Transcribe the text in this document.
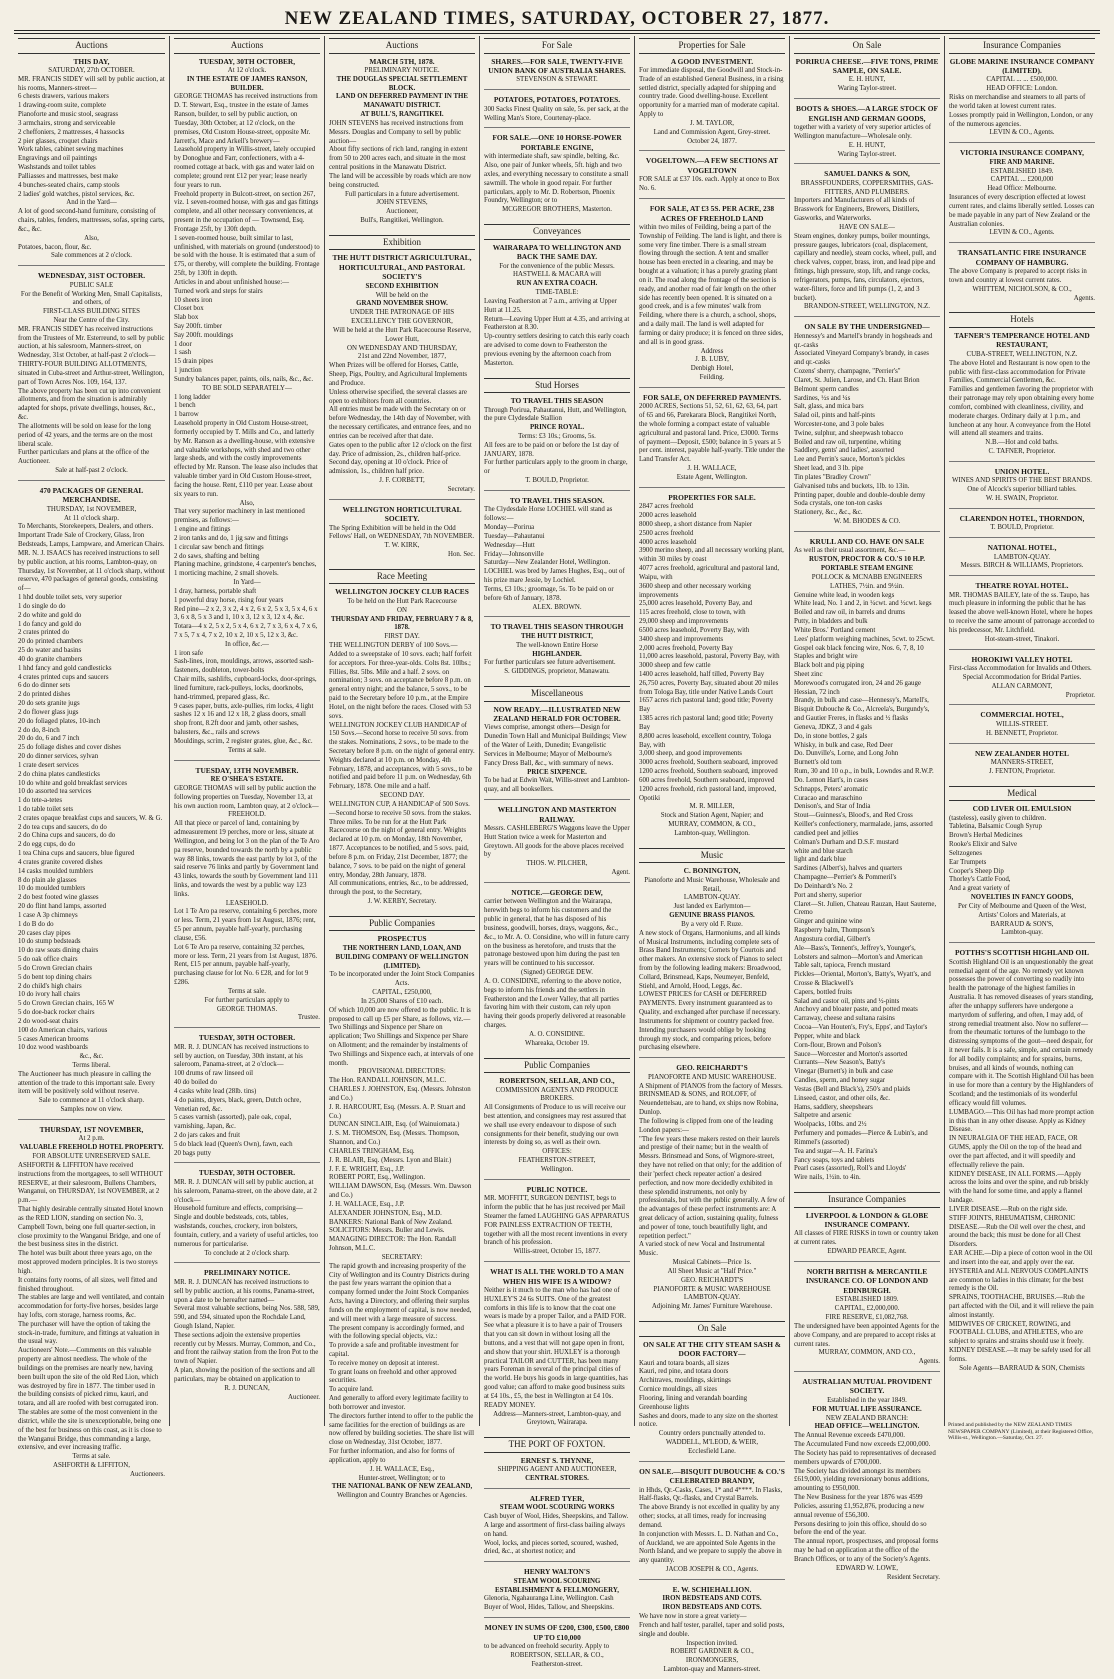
NEW ZEALAND TIMES, SATURDAY, OCTOBER 27, 1877.
Auctions
THIS DAY,
SATURDAY, 27th OCTOBER.
MR. FRANCIS SIDEY will sell by public auction, at his rooms, Manners-street—
6 chests drawers, various makers
1 drawing-room suite, complete
Pianoforte and music stool, seagrass
3 armchairs, strong and serviceable
2 cheffoniers, 2 mattresses, 4 hassocks
2 pier glasses, croquet chairs
Work tables, cabinet sewing machines
Engravings and oil paintings
Washstands and toilet tables
Palliasses and mattresses, best make
4 bunches-seated chairs, camp stools
2 ladies' gold watches, pistol services, &c.
And in the Yard—
A lot of good second-hand furniture, consisting of chairs, tables, fenders, mattresses, sofas, spring carts, &c., &c.
Also,
Potatoes, bacon, flour, &c.
Sale commences at 2 o'clock.
WEDNESDAY, 31ST OCTOBER.
PUBLIC SALE
For the Benefit of Working Men, Small Capitalists, and others, of
FIRST-CLASS BUILDING SITES
Near the Centre of the City.
MR. FRANCIS SIDEY has received instructions from the Trustees of Mr. Esterreund, to sell by public auction, at his salesroom, Manners-street, on Wednesday, 31st October, at half-past 2 o'clock—
THIRTY-FOUR BUILDING ALLOTMENTS, situated in Cuba-street and Arthur-street, Wellington, part of Town Acres Nos. 109, 164, 137.
The above property has been cut up into convenient allotments, and from the situation is admirably adapted for shops, private dwellings, houses, &c., &c.
The allotments will be sold on lease for the long period of 42 years, and the terms are on the most liberal scale.
Further particulars and plans at the office of the Auctioneer.
Sale at half-past 2 o'clock.
470 PACKAGES OF GENERAL MERCHANDISE.
THURSDAY, 1st NOVEMBER,
At 11 o'clock sharp.
To Merchants, Storekeepers, Dealers, and others.
Important Trade Sale of Crockery, Glass, Iron Bedsteads, Lamps, Lampware, and American Chairs.
MR. N. J. ISAACS has received instructions to sell by public auction, at his rooms, Lambton-quay, on Thursday, 1st November, at 11 o'clock sharp, without reserve, 470 packages of general goods, consisting of—
1 hhd double toilet sets, very superior
1 do single do do
2 do white and gold do
1 do fancy and gold do
2 crates printed do
20 do printed chambers
25 do water and basins
40 do granite chambers
1 hhd fancy and gold candlesticks
4 crates printed cups and saucers
6 do do dinner sets
2 do printed dishes
20 do sets granite jugs
2 do flower glass jugs
20 do foliaged plates, 10-inch
2 do do, 8-inch
20 do do, 6 and 7 inch
25 do foliage dishes and cover dishes
20 do dinner services, sylvan
1 crate desert services
2 do china plates candlesticks
10 do white and gold breakfast services
10 do assorted tea services
1 do tete-a-tetes
1 do table toilet sets
2 crates opaque breakfast cups and saucers, W. & G.
2 do tea cups and saucers, do do
2 do China cups and saucers, do do
2 do egg cups, do do
1 tea China cups and saucers, blue figured
4 crates granite covered dishes
14 casks moulded tumblers
8 do plain ale glasses
10 do moulded tumblers
2 do best footed wine glasses
20 do flint hand lamps, assorted
1 case A 3p chimneys
1 do B do do
20 cases clay pipes
10 do stump bedsteads
10 do raw seats dining chairs
5 do oak office chairs
5 do Crown Grecian chairs
5 do bent top dining chairs
2 do child's high chairs
10 do ivory hall chairs
5 do Crown Grecian chairs, 165 W
5 do doe-back rocker chairs
2 do wood-seat chairs
100 do American chairs, various
5 cases American brooms
10 doz wood washboards
&c., &c.
Terms liberal.
The Auctioneer has much pleasure in calling the attention of the trade to this important sale. Every item will be positively sold without reserve.
Sale to commence at 11 o'clock sharp.
Samples now on view.
THURSDAY, 1ST NOVEMBER,
At 2 p.m.
VALUABLE FREEHOLD HOTEL PROPERTY.
FOR ABSOLUTE UNRESERVED SALE.
ASHFORTH & LIFFITON have received instructions from the mortgagees, to sell WITHOUT RESERVE, at their salesroom, Bullens Chambers, Wanganui, on THURSDAY, 1st NOVEMBER, at 2 p.m.—
That highly desirable centrally situated Hotel known as the RED LION, standing on section No. 3, Campbell Town, being one full quarter-section, in close proximity to the Wanganui Bridge, and one of the best business sites in the district.
The hotel was built about three years ago, on the most approved modern principles. It is two storeys high.
It contains forty rooms, of all sizes, well fitted and finished throughout.
The stables are large and well ventilated, and contain accommodation for forty-five horses, besides large hay lofts, corn storage, harness rooms, &c.
The purchaser will have the option of taking the stock-in-trade, furniture, and fittings at valuation in the usual way.
Auctioneers' Note.—Comments on this valuable property are almost needless. The whole of the buildings on the premises are nearly new, having been built upon the site of the old Red Lion, which was destroyed by fire in 1877. The timber used in the building consists of picked rimu, kauri, and totara, and all are roofed with best corrugated iron. The stables are some of the most convenient in the district, while the site is unexceptionable, being one of the best for business on this coast, as it is close to the Wanganui Bridge, thus commanding a large, extensive, and ever increasing traffic.
Terms at sale.
ASHFORTH & LIFFITON,
Auctioneers.
Auctions
TUESDAY, 30TH OCTOBER,
At 12 o'clock.
IN THE ESTATE OF JAMES RANSON, BUILDER.
GEORGE THOMAS has received instructions from D. T. Stewart, Esq., trustee in the estate of James Ranson, builder, to sell by public auction, on Tuesday, 30th October, at 12 o'clock, on the premises, Old Custom House-street, opposite Mr. Jarrett's, Mace and Arkell's brewery—
Leasehold property in Willis-street, lately occupied by Donoghue and Farr, confectioners, with a 4-roomed cottage at back, with gas and water laid on complete; ground rent £12 per year; lease nearly four years to run.
Freehold property in Bulcott-street, on section 267, viz. 1 seven-roomed house, with gas and gas fittings complete, and all other necessary conveniences, at present in the occupation of — Townsend, Esq. Frontage 25ft, by 130ft depth.
1 seven-roomed house, built similar to last, unfinished, with materials on ground (understood) to be sold with the house. It is estimated that a sum of £75, or thereby, will complete the building. Frontage 25ft, by 130ft in depth.
Articles in and about unfinished house:—
Turned work and steps for stairs
10 sheets iron
Closet box
Slab box
Say 200ft. timber
Say 200ft. mouldings
1 door
1 sash
15 drain pipes
1 junction
Sundry balances paper, paints, oils, nails, &c., &c.
TO BE SOLD SEPARATELY—
1 long ladder
1 bench
1 barrow
Leasehold property in Old Custom House-street, formerly occupied by T. Mills and Co., and latterly by Mr. Ranson as a dwelling-house, with extensive and valuable workshops, with shed and two other large sheds, and with the costly improvements effected by Mr. Ranson. The lease also includes that valuable timber yard in Old Custom House-street, facing the house. Rent, £110 per year. Lease about six years to run.
Also,
That very superior machinery in last mentioned premises, as follows:—
1 engine and fittings
2 iron tanks and do, 1 jig saw and fittings
1 circular saw bench and fittings
2 do saws, shafting and belting
Planing machine, grindstone, 4 carpenter's benches, 1 morticing machine, 2 small shovels.
In Yard—
1 dray, harness, portable shaft
1 powerful dray horse, rising four years
Red pine—2 x 2, 3 x 2, 4 x 2, 6 x 2, 5 x 3, 5 x 4, 6 x 3, 6 x 8, 5 x 3 and 1, 10 x 3, 12 x 3, 12 x 4, &c.
Totara—4 x 2, 5 x 2, 5 x 4, 6 x 2, 7 x 3, 6 x 4, 7 x 6, 7 x 5, 7 x 4, 7 x 2, 10 x 2, 10 x 5, 12 x 3, &c.
In office, &c.—
1 iron safe
Sash-lines, iron, mouldings, arrows, assorted sash-fasteners, doubleton, tower-bolts
Chair mills, sashlifts, cupboard-locks, door-springs, lined furniture, rack-pulleys, locks, doorknobs, hand-trimmed, prepared glass, &c.
9 cases paper, butts, axle-pullies, rim locks, 4 light sashes 12 x 16 and 12 x 18, 2 glass doors, small shop front, 8.2ft door and jamb, other sashes, balusters, &c., rails and screws
Mouldings, scrim, 2 register grates, glue, &c., &c.
Terms at sale.
TUESDAY, 13TH NOVEMBER.
RE O'SHEA'S ESTATE.
GEORGE THOMAS will sell by public auction the following properties on Tuesday, November 13, at his own auction room, Lambton quay, at 2 o'clock—
FREEHOLD.
All that piece or parcel of land, containing by admeasurement 19 perches, more or less, situate at Wellington, and being lot 3 on the plan of the Te Aro pa reserve, bounded towards the north by a public way 88 links, towards the east partly by lot 3, of the said reserve 76 links and partly by Government land 43 links, towards the south by Government land 111 links, and towards the west by a public way 123 links.
LEASEHOLD.
Lot 1 Te Aro pa reserve, containing 6 perches, more or less. Term, 21 years from 1st August, 1876; rent, £5 per annum, payable half-yearly, purchasing clause, £56.
Lot 6 Te Aro pa reserve, containing 32 perches, more or less. Term, 21 years from 1st August, 1876. Rent, £15 per annum, payable half-yearly, purchasing clause for lot No. 6 £28, and for lot 9 £286.
Terms at sale.
For further particulars apply to
GEORGE THOMAS.
Trustee.
TUESDAY, 30TH OCTOBER.
MR. R. J. DUNCAN has received instructions to sell by auction, on Tuesday, 30th instant, at his saleroom, Panama-street, at 2 o'clock—
100 drums of raw linseed oil
40 do boiled do
4 casks white lead (28lb. tins)
4 do paints, dryers, black, green, Dutch ochre, Venetian red, &c.
5 cases varnish (assorted), pale oak, copal, varnishing, Japan, &c.
2 do jars cakes and fruit
5 do black lead (Queen's Own), fawn, each
20 bags putty
TUESDAY, 30TH OCTOBER.
MR. R. J. DUNCAN will sell by public auction, at his saleroom, Panama-street, on the above date, at 2 o'clock—
Household furniture and effects, comprising—Single and double bedsteads, cots, tables, washstands, couches, crockery, iron bolsters, fountain, cutlery, and a variety of useful articles, too numerous for particularise.
To conclude at 2 o'clock sharp.
PRELIMINARY NOTICE.
MR. R. J. DUNCAN has received instructions to sell by public auction, at his rooms, Panama-street, upon a date to be hereafter named—
Several most valuable sections, being Nos. 588, 589, 590, and 594, situated upon the Rochdale Land, Gough Island, Napier.
These sections adjoin the extensive properties recently cut by Messrs. Murray, Common, and Co., and front the railway station from the Iron Pot to the town of Napier.
A plan, showing the position of the sections and all particulars, may be obtained on application to
R. J. DUNCAN,
Auctioneer.
Auctions
MARCH 5TH, 1878.
PRELIMINARY NOTICE.
THE DOUGLAS SPECIAL SETTLEMENT BLOCK.
LAND ON DEFERRED PAYMENT IN THE MANAWATU DISTRICT.
AT BULL'S, RANGITIKEI.
JOHN STEVENS has received instructions from Messrs. Douglas and Company to sell by public auction—
About fifty sections of rich land, ranging in extent from 50 to 200 acres each, and situate in the most central positions in the Manawatu District.
The land will be accessible by roads which are now being constructed.
Full particulars in a future advertisement.
JOHN STEVENS,
Auctioneer,
Bull's, Rangitikei, Wellington.
Exhibition
THE HUTT DISTRICT AGRICULTURAL, HORTICULTURAL, AND PASTORAL SOCIETY'S
SECOND EXHIBITION
Will be held on the
GRAND NOVEMBER SHOW.
UNDER THE PATRONAGE OF HIS EXCELLENCY THE GOVERNOR,
Will be held at the Hutt Park Racecourse Reserve, Lower Hutt,
ON WEDNESDAY AND THURSDAY,
21st and 22nd November, 1877,
When Prizes will be offered for Horses, Cattle, Sheep, Pigs, Poultry, and Agricultural Implements and Produce.
Unless otherwise specified, the several classes are open to exhibitors from all countries.
All entries must be made with the Secretary on or before Wednesday, the 14th day of November, with the necessary certificates, and entrance fees, and no entries can be received after that date.
Gates open to the public after 12 o'clock on the first day. Price of admission, 2s., children half-price. Second day, opening at 10 o'clock. Price of admission, 1s., children half price.
J. F. CORBETT,
Secretary.
WELLINGTON HORTICULTURAL SOCIETY.
The Spring Exhibition will be held in the Odd Fellows' Hall, on WEDNESDAY, 7th NOVEMBER.
T. W. KIRK,
Hon. Sec.
Race Meeting
WELLINGTON JOCKEY CLUB RACES
To be held on the Hutt Park Racecourse
ON
THURSDAY AND FRIDAY, FEBRUARY 7 & 8, 1878.
FIRST DAY.
THE WELLINGTON DERBY of 100 Sovs.—Added to a sweepstake of 10 sovs. each; half forfeit for acceptors. For three-year-olds. Colts 8st. 10lbs.; Fillies, 8st. 5lbs. Mile and a half. 2 sovs. on nomination; 3 sovs. on acceptance before 8 p.m. on general entry night; and the balance, 5 sovs., to be paid to the Secretary before 10 p.m., at the Empire Hotel, on the night before the races. Closed with 53 sovs.
WELLINGTON JOCKEY CLUB HANDICAP of 150 Sovs.—Second horse to receive 50 sovs. from the stakes. Nominations, 2 sovs., to be made to the Secretary before 8 p.m. on the night of general entry. Weights declared at 10 p.m. on Monday, 4th February, 1878, and acceptances, with 5 sovs., to be notified and paid before 11 p.m. on Wednesday, 6th February, 1878. One mile and a half.
SECOND DAY.
WELLINGTON CUP, A HANDICAP of 500 Sovs.—Second horse to receive 50 sovs. from the stakes. Three miles. To be run for at the Hutt Park Racecourse on the night of general entry. Weights declared at 10 p.m. on Monday, 18th November, 1877. Acceptances to be notified, and 5 sovs. paid, before 8 p.m. on Friday, 21st December, 1877; the balance, 7 sovs. to be paid on the night of general entry, Monday, 28th January, 1878.
All communications, entries, &c., to be addressed, through the post, to the Secretary,
J. W. KERBY, Secretary.
Public Companies
PROSPECTUS
THE NORTHERN LAND, LOAN, AND BUILDING COMPANY OF WELLINGTON (LIMITED).
To be incorporated under the Joint Stock Companies Acts.
CAPITAL, £250,000,
In 25,000 Shares of £10 each.
Of which 10,000 are now offered to the public. It is proposed to call up £5 per Share, as follows, viz.—Two Shillings and Sixpence per Share on application; Two Shillings and Sixpence per Share on Allotment; and the remainder by instalments of Two Shillings and Sixpence each, at intervals of one month.
PROVISIONAL DIRECTORS:
The Hon. RANDALL JOHNSON, M.L.C.
CHARLES J. JOHNSTON, Esq. (Messrs. Johnston and Co.)
J. R. HARCOURT, Esq. (Messrs. A. P. Stuart and Co.)
DUNCAN SINCLAIR, Esq. (of Wainuiomata.)
J. S. M. THOMSON, Esq. (Messrs. Thompson, Shannon, and Co.)
CHARLES TRINGHAM, Esq.
J. R. BLAIR, Esq. (Messrs. Lyon and Blair.)
J. F. E. WRIGHT, Esq., J.P.
ROBERT PORT, Esq., Wellington.
WILLIAM DAWSON, Esq. (Messrs. Wm. Dawson and Co.)
J. H. WALLACE, Esq., J.P.
ALEXANDER JOHNSTON, Esq., M.D.
BANKERS: National Bank of New Zealand.
SOLICITORS: Messrs. Buller and Lewis.
MANAGING DIRECTOR: The Hon. Randall Johnson, M.L.C.
SECRETARY:
The rapid growth and increasing prosperity of the City of Wellington and its Country Districts during the past few years warrant the opinion that a company formed under the Joint Stock Companies Acts, having a Directory, and offering their surplus funds on the employment of capital, is now needed, and will meet with a large measure of success.
The present company is accordingly formed, and with the following special objects, viz.:
To provide a safe and profitable investment for capital.
To receive money on deposit at interest.
To grant loans on freehold and other approved securities.
To acquire land.
And generally to afford every legitimate facility to both borrower and investor.
The directors further intend to offer to the public the same facilities for the erection of buildings as are now offered by building societies. The share list will close on Wednesday, 31st October, 1877.
For further information, and also for forms of application, apply to
J. H. WALLACE, Esq.,
Hunter-street, Wellington; or to
THE NATIONAL BANK OF NEW ZEALAND,
Wellington and Country Branches or Agencies.
For Sale
SHARES.—FOR SALE, TWENTY-FIVE UNION BANK OF AUSTRALIA SHARES.
STEVENSON & STEWART.
POTATOES, POTATOES, POTATOES.
300 Sacks Finest Quality on sale, 5s. per sack, at the Welling Man's Store, Courtenay-place.
FOR SALE.—ONE 10 HORSE-POWER PORTABLE ENGINE,
with intermediate shaft, saw spindle, belting, &c. Also, one pair of Junker wheels, 5ft. high and two axles, and everything necessary to constitute a small sawmill. The whole in good repair. For further particulars, apply to Mr. D. Robertson, Phoenix Foundry, Wellington; or to
MCGREGOR BROTHERS, Masterton.
Conveyances
WAIRARAPA TO WELLINGTON AND BACK THE SAME DAY.
For the convenience of the public Messrs. HASTWELL & MACARA will
RUN AN EXTRA COACH.
TIME-TABLE:
Leaving Featherston at 7 a.m., arriving at Upper Hutt at 11.25.
Return—Leaving Upper Hutt at 4.35, and arriving at Featherston at 8.30.
Up-country settlers desiring to catch this early coach are advised to come down to Featherston the previous evening by the afternoon coach from Masterton.
Stud Horses
TO TRAVEL THIS SEASON
Through Porirua, Pahautanui, Hutt, and Wellington, the pure Clydesdale Stallion
PRINCE ROYAL.
Terms: £3 10s.; Grooms, 5s.
All fees are to be paid on or before the 1st day of JANUARY, 1878.
For further particulars apply to the groom in charge, or
T. BOULD, Proprietor.
TO TRAVEL THIS SEASON.
The Clydesdale Horse LOCHIEL will stand as follows:—
Monday—Porirua
Tuesday—Pahautanui
Wednesday—Hutt
Friday—Johnsonville
Saturday—New Zealander Hotel, Wellington.
LOCHIEL was bred by James Hughes, Esq., out of his prize mare Jessie, by Lochiel.
Terms, £3 10s.; groomage, 5s. To be paid on or before 6th of January, 1878.
ALEX. BROWN.
TO TRAVEL THIS SEASON THROUGH
THE HUTT DISTRICT,
The well-known Entire Horse
HIGHLANDER.
For further particulars see future advertisement.
S. GIDDINGS, proprietor, Manawatu.
Miscellaneous
NOW READY.—ILLUSTRATED NEW ZEALAND HERALD FOR OCTOBER.
Views comprise, amongst others—Design for Dunedin Town Hall and Municipal Buildings; View of the Water of Leith, Dunedin; Evangelistic Services in Melbourne; Mayor of Melbourne's Fancy Dress Ball, &c., with summary of news.
PRICE SIXPENCE.
To be had at Edwin Wait, Willis-street and Lambton-quay, and all booksellers.
WELLINGTON AND MASTERTON RAILWAY.
Messrs. CASHLEBERG'S Waggons leave the Upper Hutt Station twice a week for Masterton and Greytown. All goods for the above places received by
THOS. W. PILCHER,
Agent.
NOTICE.—GEORGE DEW,
carrier between Wellington and the Wairarapa, herewith begs to inform his customers and the public in general, that he has disposed of his business, goodwill, horses, drays, waggons, &c., &c., to Mr. A. O. Considine, who will in future carry on the business as heretofore, and trusts that the patronage bestowed upon him during the past ten years will be continued to his successor.
(Signed) GEORGE DEW.
A. O. CONSIDINE, referring to the above notice, begs to inform his friends and the settlers in Featherston and the Lower Valley, that all parties favoring him with their custom, can rely upon having their goods properly delivered at reasonable charges.
A. O. CONSIDINE.
Whareaka, October 19.
Public Companies
ROBERTSON, SELLAR, AND CO.,
COMMISSION AGENTS AND PRODUCE BROKERS.
All Consignments of Produce to us will receive our best attention, and consignees may rest assured that we shall use every endeavour to dispose of such consignments for their benefit, studying our own interests by doing so, as well as their own.
OFFICES:
FEATHERSTON-STREET,
Wellington.
PUBLIC NOTICE.
MR. MOFFITT, SURGEON DENTIST, begs to inform the public that he has just received per Mail Steamer the famed LAUGHING GAS APPARATUS FOR PAINLESS EXTRACTION OF TEETH, together with all the most recent inventions in every branch of his profession.
Willis-street, October 15, 1877.
WHAT IS ALL THE WORLD TO A MAN WHEN HIS WIFE IS A WIDOW?
Neither is it much to the man who has had one of HUXLEY'S 24 6s SUITS. One of the greatest comforts in this life is to know that the coat one wears is made by a proper Tailor, and a PAID FOR. See what a pleasure it is to have a pair of Trousers that you can sit down in without losing all the buttons, and a vest that will not gape open in front, and show that your shirt. HUXLEY is a thorough practical TAILOR and CUTTER, has been many years Foreman in several of the principal cities of the world. He buys his goods in large quantities, has good value; can afford to make good business suits at £4 10s., £5, the best in Wellington at £4 10s. READY MONEY.
Address—Manners-street, Lambton-quay, and Greytown, Wairarapa.
THE PORT OF FOXTON.
ERNEST S. THYNNE,
SHIPPING AGENT AND AUCTIONEER,
CENTRAL STORES.
ALFRED TYER,
STEAM WOOL SCOURING WORKS
Cash buyer of Wool, Hides, Sheepskins, and Tallow. A large and assortment of first-class bailing always on hand.
Wool, locks, and pieces sorted, scoured, washed, dried, &c., at shortest notice; and
HENRY WALTON'S
STEAM WOOL SCOURING ESTABLISHMENT & FELLMONGERY,
Glenoria, Ngahauranga Line, Wellington. Cash Buyer of Wool, Hides, Tallow, and Sheepskins.
MONEY IN SUMS OF £200, £300, £500, £800 UP TO £10,000
to be advanced on freehold security. Apply to
ROBERTSON, SELLAR, & CO.,
Featherston-street.
Properties for Sale
A GOOD INVESTMENT.
For immediate disposal, the Goodwill and Stock-in-Trade of an established General Business, in a rising settled district, specially adapted for shipping and country trade. Good dwelling-house. Excellent opportunity for a married man of moderate capital. Apply to
J. M. TAYLOR,
Land and Commission Agent, Grey-street.
October 24, 1877.
VOGELTOWN.—A FEW SECTIONS AT VOGELTOWN
FOR SALE at £37 10s. each. Apply at once to Box No. 6.
FOR SALE, AT £3 5S. PER ACRE, 238 ACRES OF FREEHOLD LAND
within two miles of Feilding, being a part of the Township of Feilding. The land is light, and there is some very fine timber. There is a small stream flowing through the section. A tent and smaller house has been erected in a clearing, and may be bought at a valuation; it has a purely grazing plant on it. The road along the frontage of the section is ready, and another road of fair length on the other side has recently been opened. It is situated on a good creek, and is a few minutes' walk from Feilding, where there is a church, a school, shops, and a daily mail. The land is well adapted for farming or dairy produce; it is fenced on three sides, and all is in good grass.
Address
J. B. LUBY,
Denbigh Hotel,
Feilding.
FOR SALE, ON DEFERRED PAYMENTS.
2000 ACRES, Sections 51, 52, 61, 62, 63, 64, part of 65 and 66, Parekarara Block, Rangitikei North, the whole forming a compact estate of valuable agricultural and pastoral land. Price, £3000. Terms of payment—Deposit, £500; balance in 5 years at 5 per cent. interest, payable half-yearly. Title under the Land Transfer Act.
J. H. WALLACE,
Estate Agent, Wellington.
PROPERTIES FOR SALE.
2847 acres freehold
2000 acres leasehold
8000 sheep, a short distance from Napier
2500 acres freehold
4000 acres leasehold
3900 merino sheep, and all necessary working plant, within 30 miles by coast
4077 acres freehold, agricultural and pastoral land, Waipu, with
3600 sheep and other necessary working improvements
25,000 acres leasehold, Poverty Bay, and
115 acres freehold, close to town, with
29,000 sheep and improvements
6500 acres leasehold, Poverty Bay, with
3400 sheep and improvements
2,000 acres freehold, Poverty Bay
11,000 acres leasehold, pastoral, Poverty Bay, with 3000 sheep and few cattle
1400 acres leasehold, half tilled, Poverty Bay
26,750 acres, Poverty Bay, situated about 20 miles from Tologa Bay, title under Native Lands Court
1657 acres rich pastoral land; good title; Poverty Bay
1385 acres rich pastoral land; good title; Poverty Bay
8,800 acres leasehold, excellent country, Tologa Bay, with
3,000 sheep, and good improvements
3000 acres freehold, Southern seaboard, improved
1200 acres freehold, Southern seaboard, improved
600 acres freehold, Southern seaboard, improved
1200 acres freehold, rich pastoral land, improved, Opotiki
M. R. MILLER,
Stock and Station Agent, Napier; and
MURRAY, COMMON, & CO.,
Lambton-quay, Wellington.
Music
C. BONINGTON,
Pianoforte and Music Warehouse, Wholesale and Retail,
LAMBTON-QUAY.
Just landed ex Earlymton—
GENUINE BRASS PIANOS.
By a very old F. Ruze.
A new stock of Organs, Harmoniums, and all kinds of Musical Instruments, including complete sets of Brass Band Instruments; Cornets by Courtois and other makers. An extensive stock of Pianos to select from by the following leading makers: Broadwood, Collard, Brinsmead, Kaps, Neumeyer, Benfeld, Stiehl, and Arnold, Hood, Leggs, &c.
LOWEST PRICES for CASH or DEFERRED PAYMENTS. Every instrument guaranteed as to Quality, and exchanged after purchase if necessary.
Instruments for shipment or country packed free.
Intending purchasers would oblige by looking through my stock, and comparing prices, before purchasing elsewhere.
GEO. REICHARDT'S
PIANOFORTE AND MUSIC WAREHOUSE.
A Shipment of PIANOS from the factory of Messrs. BRINSMEAD & SONS, and ROLOFF, of Neuendettelsau, are to hand, ex ships now Robina, Dunlop.
The following is clipped from one of the leading London papers:—
"The few years these makers rested on their laurels and prestige of their name; but in the wealth of Messrs. Brinsmead and Sons, of Wigmore-street, they have not relied on that only; for the addition of their 'perfect check repeater action' a desired perfection, and now more decidedly exhibited in these splendid instruments, not only by professionals, but with the public generally. A few of the advantages of these perfect instruments are: A great delicacy of action, sustaining quality, fulness and power of tone, touch beautifully light, and repetition perfect."
A varied stock of new Vocal and Instrumental Music.
Musical Cabinets—Price 1s.
All Sheet Music at "Half Price."
GEO. REICHARDT'S
PIANOFORTE & MUSIC WAREHOUSE
LAMBTON-QUAY.
Adjoining Mr. James' Furniture Warehouse.
On Sale
ON SALE AT THE CITY STEAM SASH & DOOR FACTORY—
Kauri and totara boards, all sizes
Kauri, red pine, and totara doors
Architraves, mouldings, skirtings
Cornice mouldings, all sizes
Flooring, lining and verandah boarding
Greenhouse lights
Sashes and doors, made to any size on the shortest notice.
Country orders punctually attended to.
WADDELL, M'LEOD, & WEIR,
Ecclesfield Lane.
ON SALE.—BISQUIT DUBOUCHE & CO.'S CELEBRATED BRANDY,
in Hhds, Qr.-Casks, Cases, 1* and 4****. In Flasks, Half-flasks, Qr.-flasks, and Crystal Barrels.
The above Brandy is not excelled in quality by any other; stocks, at all times, ready for increasing demand.
In conjunction with Messrs. L. D. Nathan and Co., of Auckland, we are appointed Sole Agents in the North Island, and we prepare to supply the above in any quantity.
JACOB JOSEPH & CO., Agents.
E. W. SCHIEHALLION.
IRON BEDSTEADS AND COTS.
IRON BEDSTEADS AND COTS.
We have now in store a great variety—
French and half tester, parallel, taper and solid posts, single and double.
Inspection invited.
ROBERT GARDNER & CO.,
IRONMONGERS,
Lambton-quay and Manners-street.
On Sale
PORIRUA CHEESE.—FIVE TONS, PRIME SAMPLE, ON SALE.
E. H. HUNT,
Waring Taylor-street.
BOOTS & SHOES.—A LARGE STOCK OF ENGLISH AND GERMAN GOODS,
together with a variety of very superior articles of Wellington manufacture—Wholesale only.
E. H. HUNT,
Waring Taylor-street.
SAMUEL DANKS & SON,
BRASSFOUNDERS, COPPERSMITHS, GAS-FITTERS, AND PLUMBERS.
Importers and Manufacturers of all kinds of Brasswork for Engineers, Brewers, Distillers, Gasworks, and Waterworks.
HAVE ON SALE—
Steam engines, donkey pumps, boiler mountings, pressure gauges, lubricators (coal, displacement, capillary and needle), steam cocks, wheel, pull, and check valves, copper, brass, iron, and lead pipe and fittings, high pressure, stop, lift, and range cocks, refrigerators, pumps, fans, circulators, ejectors, water-filters, force and lift pumps (1, 2, and 3 bucket).
BRANDON-STREET, WELLINGTON, N.Z.
ON SALE BY THE UNDERSIGNED—
Hennessy's and Martell's brandy in hogsheads and qr.-casks
Associated Vineyard Company's brandy, in cases and qr.-casks
Cozens' sherry, champagne, "Perrier's"
Claret, St. Julien, Larose, and Ch. Haut Brion
Belmont sperm candles
Sardines, ½s and ¼s
Salt, glass, and mica bars
Salad oil, pints and half-pints
Worcester-tone, and 3 pole bales
Twine, sulphur, and sheepwash tobacco
Boiled and raw oil, turpentine, whiting
Saddlery, gents' and ladies', assorted
Lee and Perrin's sauce, Morton's pickles
Sheet lead, and 3 lb. pipe
Tin plates "Bradley Crown"
Galvanised tubs and buckets, 1lb. to 13in.
Printing paper, double and double-double demy
Soda crystals, one ton-ton casks
Stationery, &c., &c., &c.
W. M. BHODES & CO.
KRULL AND CO. HAVE ON SALE
As well as their usual assortment, &c.—
RUSTON, PROCTOR & CO.'S 10 H.P. PORTABLE STEAM ENGINE
POLLOCK & MCNABB ENGINEERS
LATHES, 7½in. and 9½in.
Genuine white lead, in wooden kegs
White lead, No. 1 and 2, in ¼cwt. and ½cwt. kegs
Boiled and raw oil, in barrels and drums
Putty, in bladders and bulk
White Bros.' Portland cement
Lees' platform weighing machines, 5cwt. to 25cwt.
Gospel oak black fencing wire, Nos. 6, 7, 8, 10
Staples and bright wire
Black bolt and pig piping
Sheet zinc
Morewood's corrugated iron, 24 and 26 gauge
Hessian, 72 inch
Brandy, in bulk and case—Hennessy's, Martell's, Bisquit Dubouche & Co., Alcreela's, Burgundy's, and Gautier Freres, in flasks and ½ flasks
Geneva, JDKZ, 3 and 4 gals
Do, in stone bottles, 2 gals
Whisky, in bulk and case, Red Deer
Do. Dunville's, Lorne, and Long John
Burnett's old tom
Rum, 30 and 10 o.p., in bulk, Lowndes and R.W.P.
Do. Lemon Hart's, in cases
Schnapps, Peters' aromatic
Curacao and maraschino
Denison's, and Star of India
Stout—Guinness's, Blood's, and Red Cross
Keiller's confectionery, marmalade, jams, assorted candied peel and jellies
Colman's Durham and D.S.F. mustard
white and blue starch
light and dark blue
Sardines (Albert's), halves and quarters
Champagne—Perrier's & Pommeril's
Do Deinhardt's No. 2
Port and sherry, superior
Claret—St. Julien, Chateau Rauzan, Haut Sauterne, Cremo
Ginger and quinine wine
Raspberry balm, Thompson's
Angostura cordial, Gilbert's
Ale—Bass's, Tennent's, Jeffrey's, Younger's, Lobsters and salmon—Morton's and American
Table salt, tapioca, French mustard
Pickles—Oriental, Morton's, Batty's, Wyatt's, and Crosse & Blackwell's
Capers, bottled fruits
Salad and castor oil, pints and ½-pints
Anchovy and bloater paste, and potted meats
Carraway, cheese and sultana raisins
Cocoa—Van Houten's, Fry's, Epps', and Taylor's
Pepper, white and black
Corn-flour, Brown and Polson's
Sauce—Worcester and Morton's assorted
Currants—New Season's, Batty's
Vinegar (Burnett's) in bulk and case
Candles, sperm, and honey sugar
Vestas (Bell and Black's), 250's and plaids
Linseed, castor, and other oils, &c.
Hams, saddlery, sheepshears
Saltpetre and arsenic
Woolpacks, 10lbs. and 2½
Perfumery and pomades—Pierce & Lubin's, and Rimmel's (assorted)
Tea and sugar—A. H. Farina's
Fancy soaps, toys and tablets
Pearl cases (assorted), Roll's and Lloyds'
Wire nails, 1½in. to 4in.
Insurance Companies
LIVERPOOL & LONDON & GLOBE INSURANCE COMPANY.
All classes of FIRE RISKS in town or country taken at current rates.
EDWARD PEARCE, Agent.
NORTH BRITISH & MERCANTILE INSURANCE CO. OF LONDON AND EDINBURGH.
ESTABLISHED 1809.
CAPITAL, £2,000,000.
FIRE RESERVE, £1,082,768.
The undersigned have been appointed Agents for the above Company, and are prepared to accept risks at current rates.
MURRAY, COMMON, AND CO.,
Agents.
AUSTRALIAN MUTUAL PROVIDENT SOCIETY.
Established in the year 1849.
FOR MUTUAL LIFE ASSURANCE.
NEW ZEALAND BRANCH:
HEAD OFFICE—WELLINGTON.
The Annual Revenue exceeds £470,000.
The Accumulated Fund now exceeds £2,000,000.
The Society has paid to representatives of deceased members upwards of £700,000.
The Society has divided amongst its members £619,000, yielding reversionary bonus additions, amounting to £950,000.
The New Business for the year 1876 was 4599 Policies, assuring £1,952,876, producing a new annual revenue of £56,300.
Persons desiring to join this office, should do so before the end of the year.
The annual report, prospectuses, and proposal forms may be had on application at the office of the Branch Offices, or to any of the Society's Agents.
EDWARD W. LOWE,
Resident Secretary.
Insurance Companies
GLOBE MARINE INSURANCE COMPANY (LIMITED).
CAPITAL ... ... £500,000.
HEAD OFFICE: London.
Risks on merchandise and steamers to all parts of the world taken at lowest current rates.
Losses promptly paid in Wellington, London, or any of the numerous agencies.
LEVIN & CO., Agents.
VICTORIA INSURANCE COMPANY,
FIRE AND MARINE.
ESTABLISHED 1849.
CAPITAL ... £200,000
Head Office: Melbourne.
Insurances of every description effected at lowest current rates, and claims liberally settled. Losses can be made payable in any part of New Zealand or the Australian colonies.
LEVIN & CO., Agents.
TRANSATLANTIC FIRE INSURANCE COMPANY OF HAMBURG.
The above Company is prepared to accept risks in town and country at lowest current rates.
WHITTEM, NICHOLSON, & CO.,
Agents.
Hotels
TAFNER'S TEMPERANCE HOTEL AND RESTAURANT,
CUBA-STREET, WELLINGTON, N.Z.
The above Hotel and Restaurant is now open to the public with first-class accommodation for Private Families, Commercial Gentlemen, &c.
Families and gentlemen favoring the proprietor with their patronage may rely upon obtaining every home comfort, combined with cleanliness, civility, and moderate charges. Ordinary daily at 1 p.m., and luncheon at any hour. A conveyance from the Hotel will attend all steamers and trains.
N.B.—Hot and cold baths.
C. TAFNER, Proprietor.
UNION HOTEL.
WINES AND SPIRITS OF THE BEST BRANDS.
One of Alcock's superior billiard tables.
W. H. SWAIN, Proprietor.
CLARENDON HOTEL, THORNDON,
T. BOULD, Proprietor.
NATIONAL HOTEL,
LAMBTON-QUAY.
Messrs. BIRCH & WILLIAMS, Proprietors.
THEATRE ROYAL HOTEL.
MR. THOMAS BAILEY, late of the ss. Taupo, has much pleasure in informing the public that he has leased the above well-known Hotel, where he hopes to receive the same amount of patronage accorded to his predecessor, Mr. Litchfield.
Hot-steam-street, Tinakori.
HOROKIWI VALLEY HOTEL
First-class Accommodation for Invalids and Others.
Special Accommodation for Bridal Parties.
ALLAN CARMONT,
Proprietor.
COMMERCIAL HOTEL,
WILLIS-STREET.
H. BENNETT, Proprietor.
NEW ZEALANDER HOTEL
MANNERS-STREET,
J. FENTON, Proprietor.
Medical
COD LIVER OIL EMULSION
(tasteless), easily given to children.
Tabletina, Balsamic Cough Syrup
Brown's Herbal Medicines
Rooke's Elixir and Salve
Seltzogenes
Ear Trumpets
Cooper's Sheep Dip
Thorley's Cattle Food,
And a great variety of
NOVELTIES IN FANCY GOODS,
Per City of Melbourne and Queen of the West, Artists' Colors and Materials, at
BARRAUD & SON'S,
Lambton-quay.
POTTHS'S SCOTTISH HIGHLAND OIL
Scottish Highland Oil is an unquestionably the great remedial agent of the age. No remedy yet known possesses the power of converting so readily into health the patronage of the highest families in Australia. It has removed diseases of years standing, after the unhappy sufferers have undergone a martyrdom of suffering, and often, I may add, of strong remedial treatment also. Now no sufferer—from the rheumatic tortures of the lumbago to the distressing symptoms of the gout—need despair, for it never fails. It is a safe, simple, and certain remedy for all bodily complaints; and for sprains, burns, bruises, and all kinds of wounds, nothing can compare with it. The Scottish Highland Oil has been in use for more than a century by the Highlanders of Scotland; and the testimonials of its wonderful efficacy would fill volumes.
LUMBAGO.—This Oil has had more prompt action in this than in any other disease. Apply as Kidney Disease.
IN NEURALGIA OF THE HEAD, FACE, OR GUMS, apply the Oil on the top of the head and over the part affected, and it will speedily and effectually relieve the pain.
KIDNEY DISEASE, IN ALL FORMS.—Apply across the loins and over the spine, and rub briskly with the hand for some time, and apply a flannel bandage.
LIVER DISEASE.—Rub on the right side.
STIFF JOINTS, RHEUMATISM, CHRONIC DISEASE.—Rub the Oil well over the chest, and around the back; this must be done for all Chest Disorders.
EAR ACHE.—Dip a piece of cotton wool in the Oil and insert into the ear, and apply over the ear.
HYSTERIA and ALL NERVOUS COMPLAINTS are common to ladies in this climate; for the best remedy is the Oil.
SPRAINS, TOOTHACHE, BRUISES.—Rub the part affected with the Oil, and it will relieve the pain almost instantly.
MIDWIVES OF CRICKET, ROWING, and FOOTBALL CLUBS, and ATHLETES, who are subject to sprains and strains should use it freely.
KIDNEY DISEASE.—It may be safely used for all forms.
Sole Agents—BARRAUD & SON, Chemists
Printed and published by the NEW ZEALAND TIMES NEWSPAPER COMPANY (Limited), at their Registered Office, Willis-st., Wellington.—Saturday, Oct. 27.
